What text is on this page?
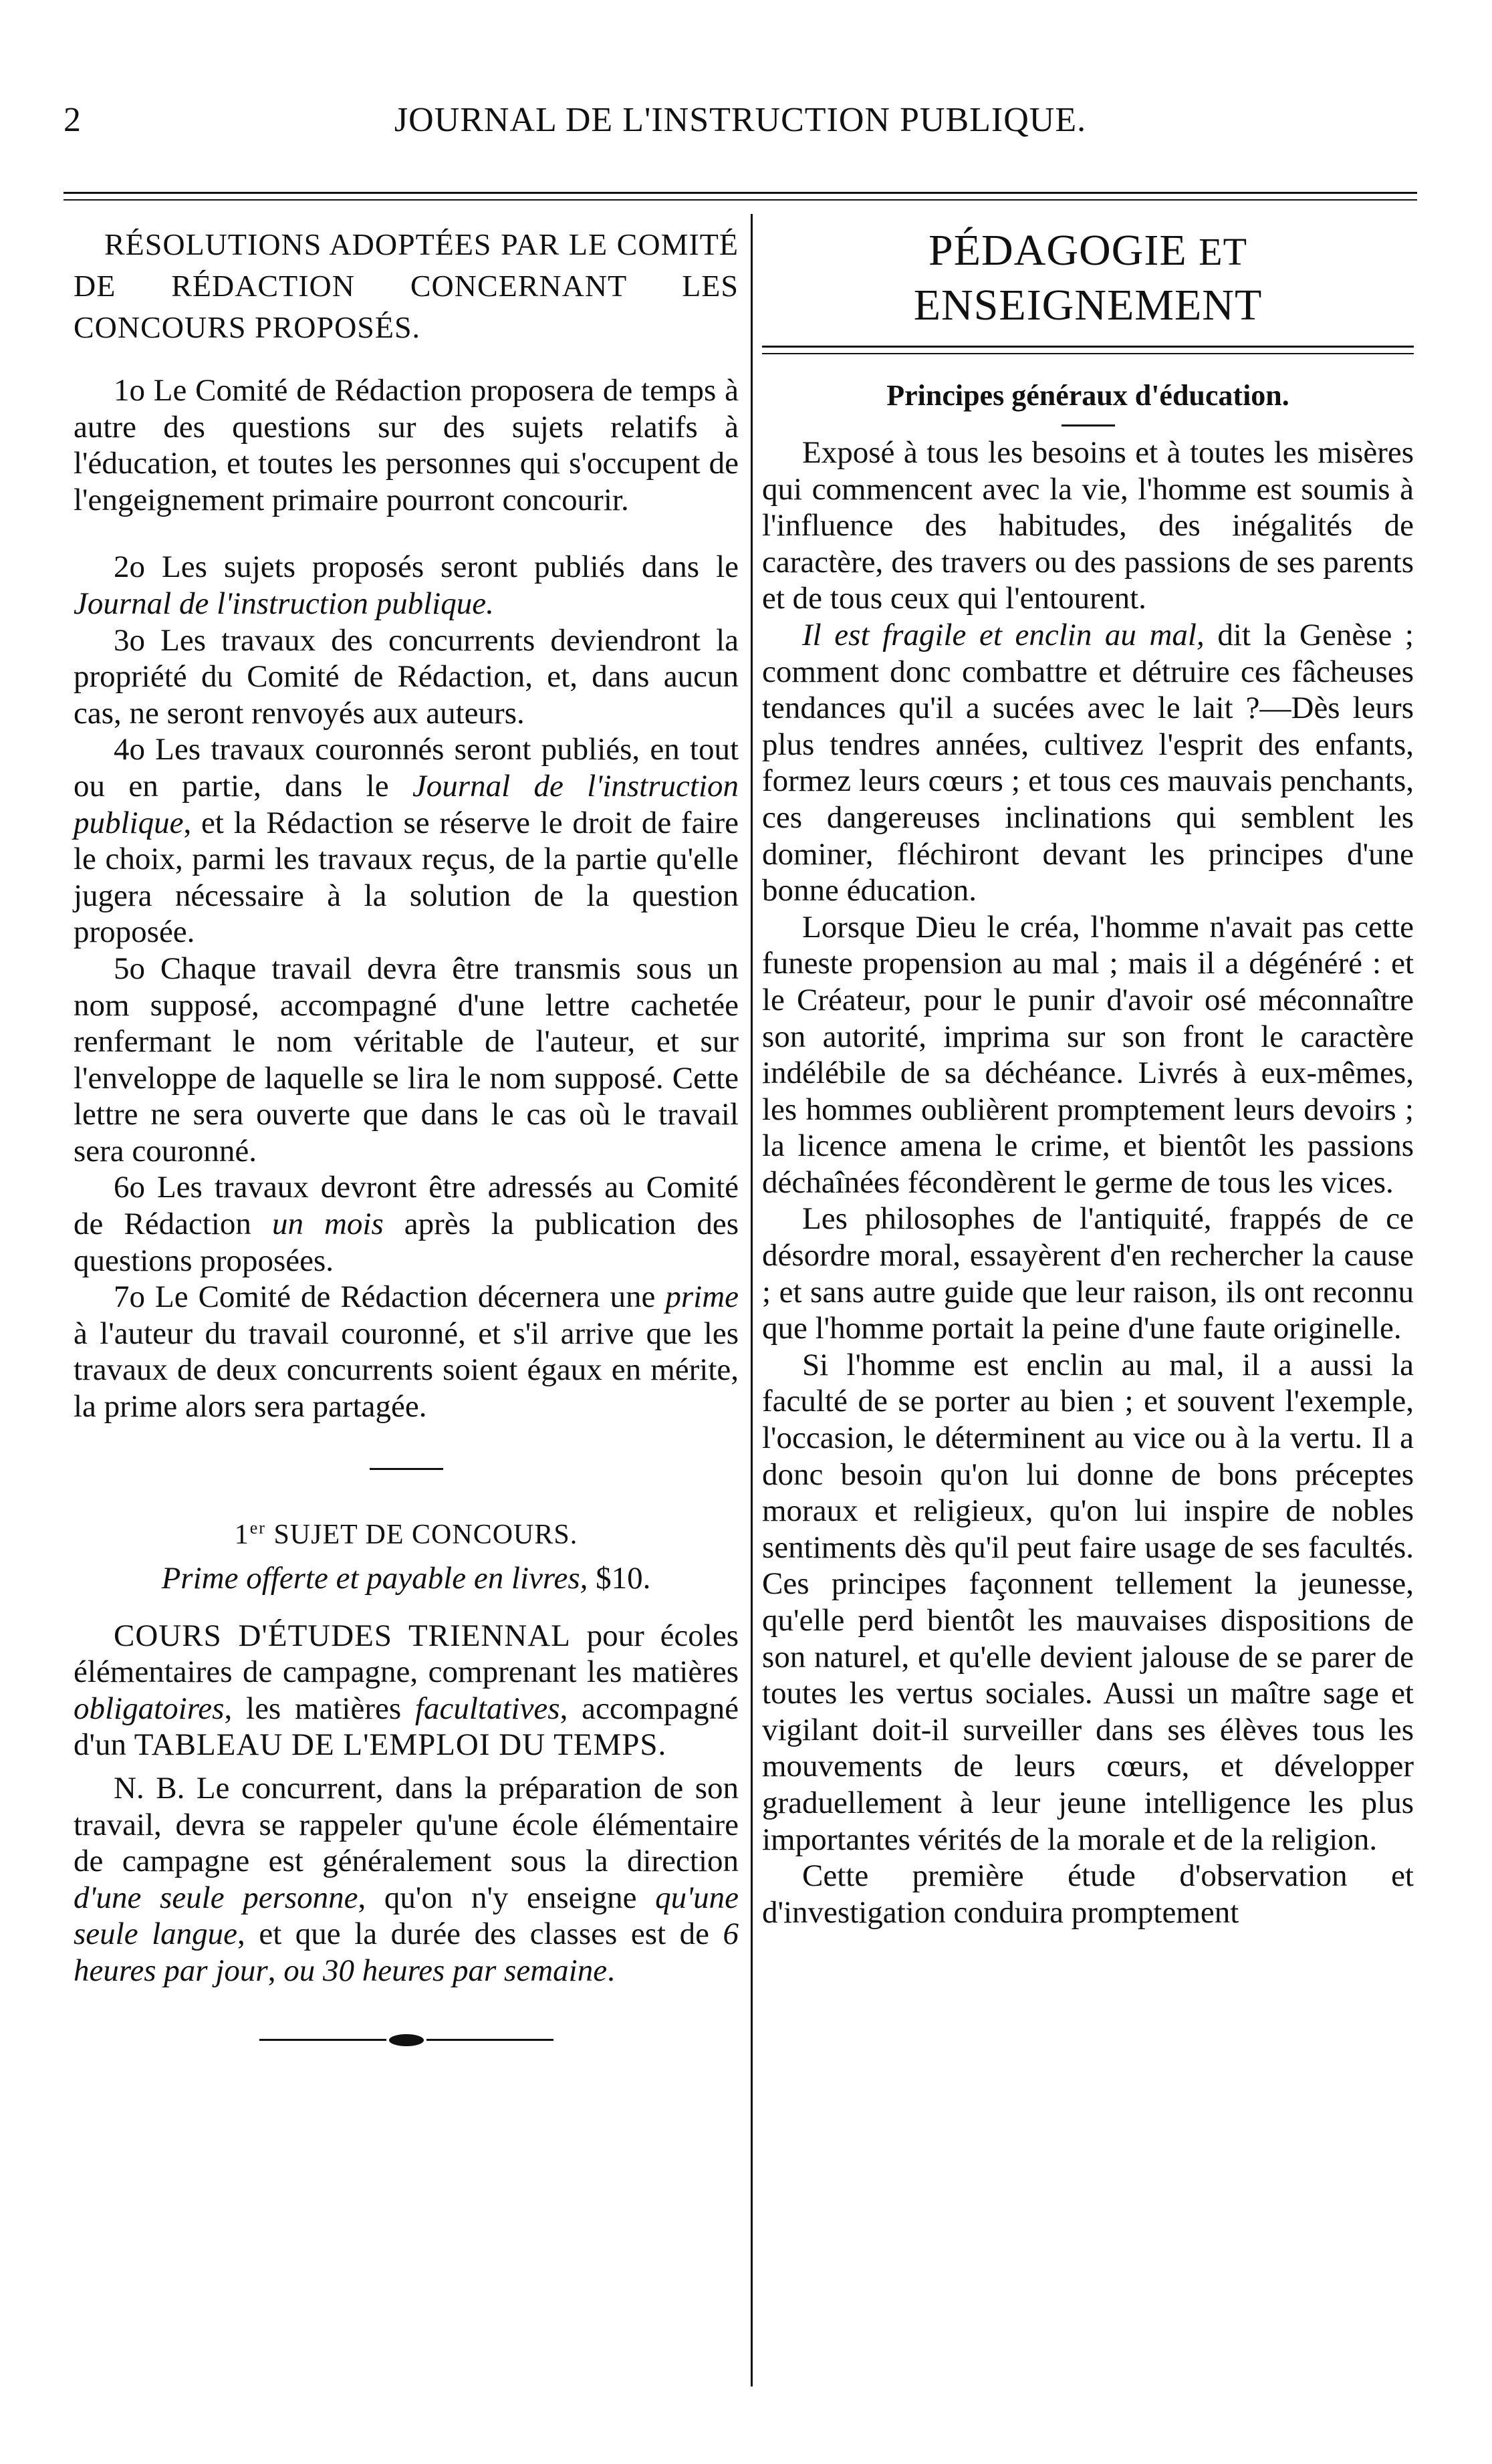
2	JOURNAL DE L'INSTRUCTION PUBLIQUE.

RÉSOLUTIONS ADOPTÉES PAR LE COMITÉ DE RÉDACTION CONCERNANT LES CONCOURS PROPOSÉS.

1o Le Comité de Rédaction proposera de temps à autre des questions sur des sujets relatifs à l'éducation, et toutes les personnes qui s'occupent de l'engeignement primaire pourront concourir.

2o Les sujets proposés seront publiés dans le Journal de l'instruction publique.

3o Les travaux des concurrents deviendront la propriété du Comité de Rédaction, et, dans aucun cas, ne seront renvoyés aux auteurs.

4o Les travaux couronnés seront publiés, en tout ou en partie, dans le Journal de l'instruction publique, et la Rédaction se réserve le droit de faire le choix, parmi les travaux reçus, de la partie qu'elle jugera nécessaire à la solution de la question proposée.

5o Chaque travail devra être transmis sous un nom supposé, accompagné d'une lettre cachetée renfermant le nom véritable de l'auteur, et sur l'enveloppe de laquelle se lira le nom supposé. Cette lettre ne sera ouverte que dans le cas où le travail sera couronné.

6o Les travaux devront être adressés au Comité de Rédaction un mois après la publication des questions proposées.

7o Le Comité de Rédaction décernera une prime à l'auteur du travail couronné, et s'il arrive que les travaux de deux concurrents soient égaux en mérite, la prime alors sera partagée.

1er SUJET DE CONCOURS.

Prime offerte et payable en livres, $10.

COURS D'ÉTUDES TRIENNAL pour écoles élémentaires de campagne, comprenant les matières obligatoires, les matières facultatives, accompagné d'un TABLEAU DE L'EMPLOI DU TEMPS.

N. B. Le concurrent, dans la préparation de son travail, devra se rappeler qu'une école élémentaire de campagne est généralement sous la direction d'une seule personne, qu'on n'y enseigne qu'une seule langue, et que la durée des classes est de 6 heures par jour, ou 30 heures par semaine.

PÉDAGOGIE ET ENSEIGNEMENT

Principes généraux d'éducation.

Exposé à tous les besoins et à toutes les misères qui commencent avec la vie, l'homme est soumis à l'influence des habitudes, des inégalités de caractère, des travers ou des passions de ses parents et de tous ceux qui l'entourent.

Il est fragile et enclin au mal, dit la Genèse ; comment donc combattre et détruire ces fâcheuses tendances qu'il a sucées avec le lait ?—Dès leurs plus tendres années, cultivez l'esprit des enfants, formez leurs cœurs ; et tous ces mauvais penchants, ces dangereuses inclinations qui semblent les dominer, fléchiront devant les principes d'une bonne éducation.

Lorsque Dieu le créa, l'homme n'avait pas cette funeste propension au mal ; mais il a dégénéré : et le Créateur, pour le punir d'avoir osé méconnaître son autorité, imprima sur son front le caractère indélébile de sa déchéance. Livrés à eux-mêmes, les hommes oublièrent promptement leurs devoirs ; la licence amena le crime, et bientôt les passions déchaînées fécondèrent le germe de tous les vices.

Les philosophes de l'antiquité, frappés de ce désordre moral, essayèrent d'en rechercher la cause ; et sans autre guide que leur raison, ils ont reconnu que l'homme portait la peine d'une faute originelle.

Si l'homme est enclin au mal, il a aussi la faculté de se porter au bien ; et souvent l'exemple, l'occasion, le déterminent au vice ou à la vertu. Il a donc besoin qu'on lui donne de bons préceptes moraux et religieux, qu'on lui inspire de nobles sentiments dès qu'il peut faire usage de ses facultés. Ces principes façonnent tellement la jeunesse, qu'elle perd bientôt les mauvaises dispositions de son naturel, et qu'elle devient jalouse de se parer de toutes les vertus sociales. Aussi un maître sage et vigilant doit-il surveiller dans ses élèves tous les mouvements de leurs cœurs, et développer graduellement à leur jeune intelligence les plus importantes vérités de la morale et de la religion.

Cette première étude d'observation et d'investigation conduira promptement
